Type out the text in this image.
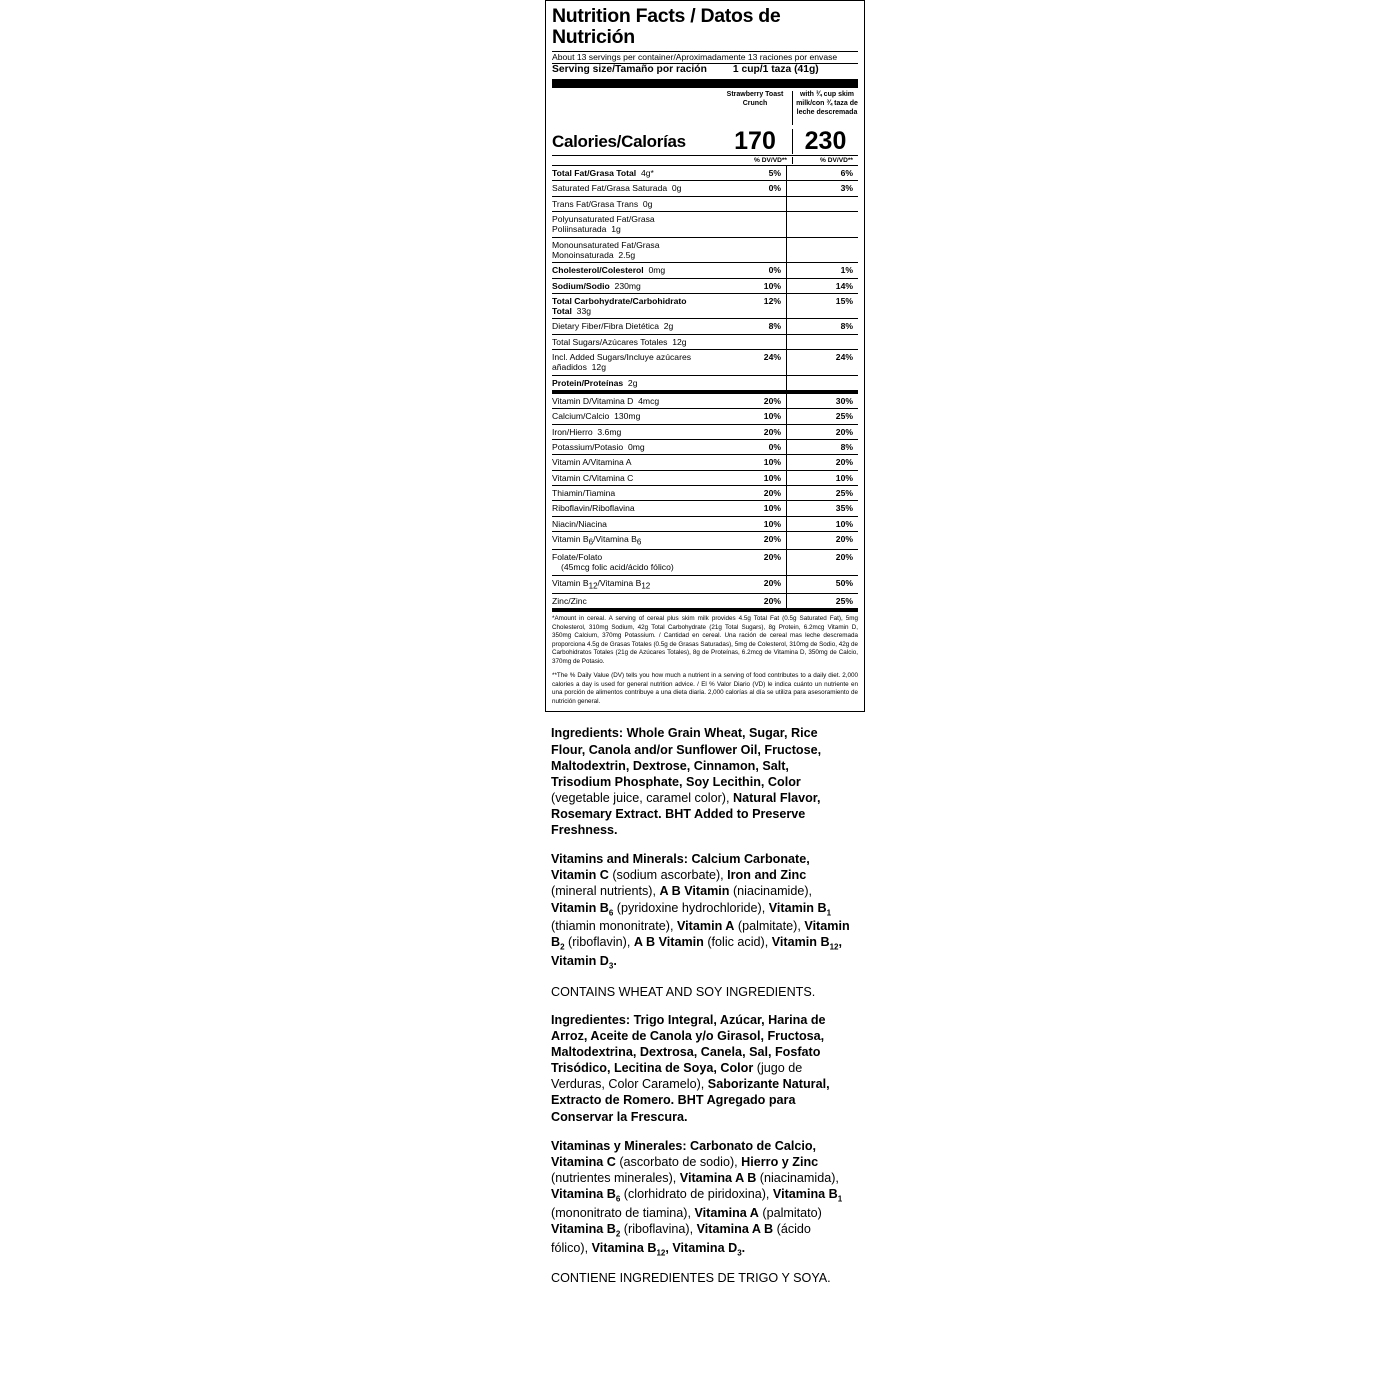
Nutrition Facts / Datos de Nutrición
About 13 servings per container/Aproximadamente 13 raciones por envase
Serving size/Tamaño por ración	1 cup/1 taza (41g)
Strawberry Toast Crunch
with ¾ cup skim milk/con ¾ taza de leche descremada
Calories/Calorías	170	230
% DV/VD**	% DV/VD**
Total Fat/Grasa Total  4g*	5%	6%
Saturated Fat/Grasa Saturada  0g	0%	3%
Trans Fat/Grasa Trans  0g		
Polyunsaturated Fat/Grasa Poliinsaturada  1g		
Monounsaturated Fat/Grasa Monoinsaturada  2.5g		
Cholesterol/Colesterol  0mg	0%	1%
Sodium/Sodio  230mg	10%	14%
Total Carbohydrate/Carbohidrato Total  33g	12%	15%
Dietary Fiber/Fibra Dietética  2g	8%	8%
Total Sugars/Azúcares Totales  12g		
Incl. Added Sugars/Incluye azúcares añadidos  12g	24%	24%
Protein/Proteínas  2g		
Vitamin D/Vitamina D  4mcg	20%	30%
Calcium/Calcio  130mg	10%	25%
Iron/Hierro  3.6mg	20%	20%
Potassium/Potasio  0mg	0%	8%
Vitamin A/Vitamina A	10%	20%
Vitamin C/Vitamina C	10%	10%
Thiamin/Tiamina	20%	25%
Riboflavin/Riboflavina	10%	35%
Niacin/Niacina	10%	10%
Vitamin $B_6$/Vitamina $B_6$	20%	20%
Folate/Folato
(45mcg folic acid/ácido fólico)	20%	20%
Vitamin $B_{12}$/Vitamina $B_{12}$	20%	50%
Zinc/Zinc	20%	25%
*Amount in cereal. A serving of cereal plus skim milk provides 4.5g Total Fat (0.5g Saturated Fat), 5mg Cholesterol, 310mg Sodium, 42g Total Carbohydrate (21g Total Sugars), 8g Protein, 6.2mcg Vitamin D, 350mg Calcium, 370mg Potassium. / Cantidad en cereal. Una ración de cereal mas leche descremada proporciona 4.5g de Grasas Totales (0.5g de Grasas Saturadas), 5mg de Colesterol, 310mg de Sodio, 42g de Carbohidratos Totales (21g de Azúcares Totales), 8g de Proteínas, 6.2mcg de Vitamina D, 350mg de Calcio, 370mg de Potasio.
**The % Daily Value (DV) tells you how much a nutrient in a serving of food contributes to a daily diet. 2,000 calories a day is used for general nutrition advice. / El % Valor Diario (VD) le indica cuánto un nutriente en una porción de alimentos contribuye a una dieta diaria. 2,000 calorías al día se utiliza para asesoramiento de nutrición general.
Ingredients: Whole Grain Wheat, Sugar, Rice Flour, Canola and/or Sunflower Oil, Fructose, Maltodextrin, Dextrose, Cinnamon, Salt, Trisodium Phosphate, Soy Lecithin, Color (vegetable juice, caramel color), Natural Flavor, Rosemary Extract. BHT Added to Preserve Freshness.
Vitamins and Minerals: Calcium Carbonate, Vitamin C (sodium ascorbate), Iron and Zinc (mineral nutrients), A B Vitamin (niacinamide), Vitamin $B_6$ (pyridoxine hydrochloride), Vitamin $B_1$ (thiamin mononitrate), Vitamin A (palmitate), Vitamin $B_2$ (riboflavin), A B Vitamin (folic acid), Vitamin $B_{12}$, Vitamin $D_3$.
CONTAINS WHEAT AND SOY INGREDIENTS.
Ingredientes: Trigo Integral, Azúcar, Harina de Arroz, Aceite de Canola y/o Girasol, Fructosa, Maltodextrina, Dextrosa, Canela, Sal, Fosfato Trisódico, Lecitina de Soya, Color (jugo de Verduras, Color Caramelo), Saborizante Natural, Extracto de Romero. BHT Agregado para Conservar la Frescura.
Vitaminas y Minerales: Carbonato de Calcio, Vitamina C (ascorbato de sodio), Hierro y Zinc (nutrientes minerales), Vitamina A B (niacinamida), Vitamina $B_6$ (clorhidrato de piridoxina), Vitamina $B_1$ (mononitrato de tiamina), Vitamina A (palmitato) Vitamina $B_2$ (riboflavina), Vitamina A B (ácido fólico), Vitamina $B_{12}$, Vitamina $D_3$.
CONTIENE INGREDIENTES DE TRIGO Y SOYA.
